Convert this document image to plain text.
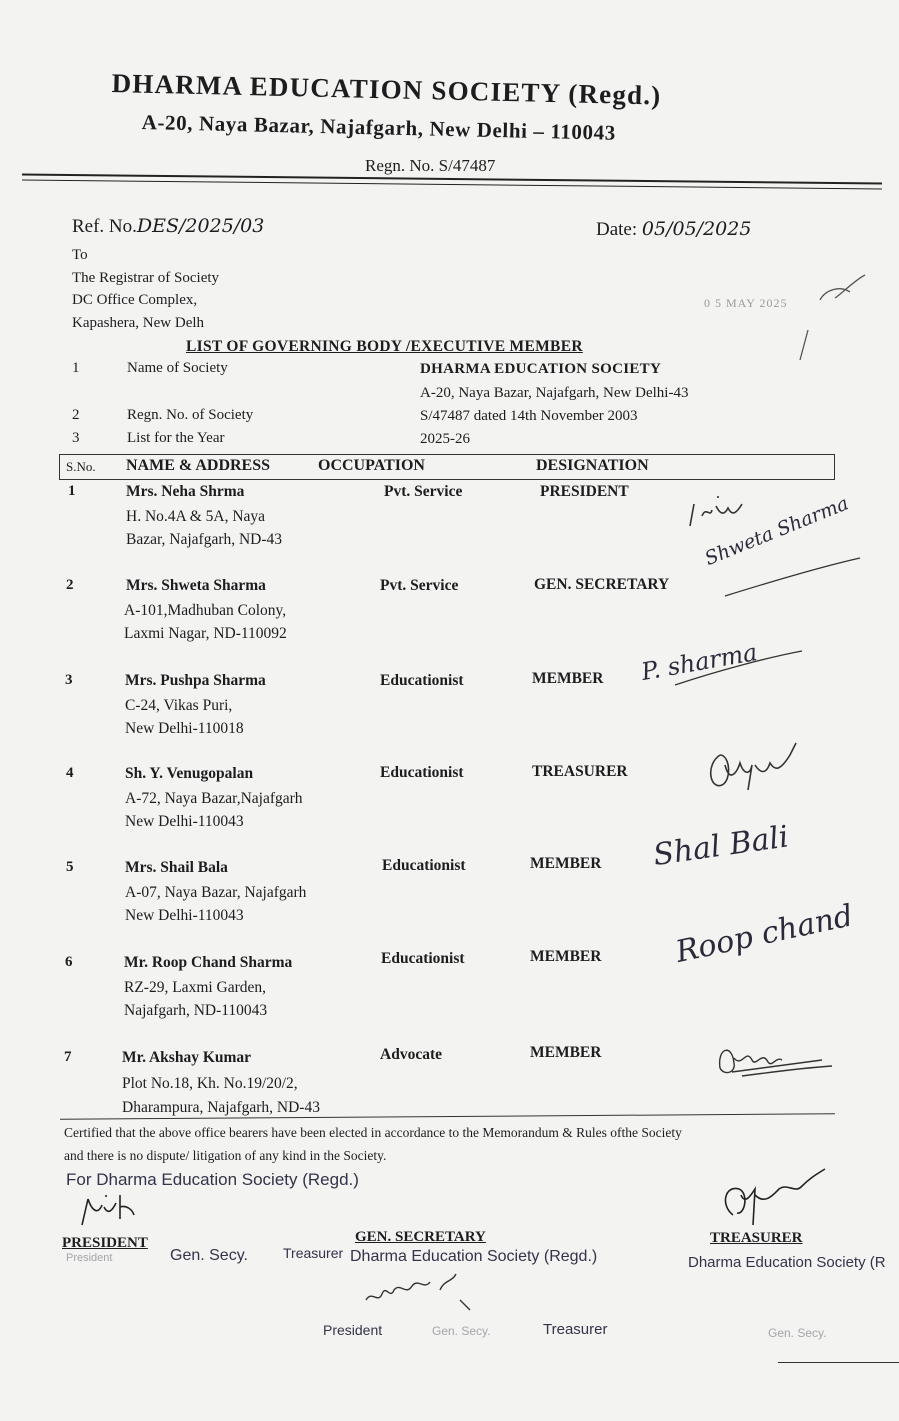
DHARMA EDUCATION SOCIETY (Regd.)
A-20, Naya Bazar, Najafgarh, New Delhi – 110043
Regn. No. S/47487
Ref. No.DES/2025/03	Date: 05/05/2025
To
The Registrar of Society
DC Office Complex,
Kapashera, New Delh
0 5 MAY 2025
LIST OF GOVERNING BODY /EXECUTIVE MEMBER
1	Name of Society	DHARMA EDUCATION SOCIETY
A-20, Naya Bazar, Najafgarh, New Delhi-43
2	Regn. No. of Society	S/47487 dated 14th November 2003
3	List for the Year	2025-26
S.No. NAME & ADDRESS	OCCUPATION	DESIGNATION
1	Mrs. Neha Shrma
H. No.4A & 5A, Naya
Bazar, Najafgarh, ND-43
Pvt. Service	PRESIDENT
2	Mrs. Shweta Sharma
A-101,Madhuban Colony,
Laxmi Nagar, ND-110092
Pvt. Service	GEN. SECRETARY
Shweta Sharma
3	Mrs. Pushpa Sharma
C-24, Vikas Puri,
New Delhi-110018
Educationist	MEMBER P. sharma
4	Sh. Y. Venugopalan
A-72, Naya Bazar,Najafgarh
New Delhi-110043
Educationist	TREASURER
5	Mrs. Shail Bala
A-07, Naya Bazar, Najafgarh
New Delhi-110043
Educationist	MEMBER Shal Bali
6	Mr. Roop Chand Sharma
RZ-29, Laxmi Garden,
Najafgarh, ND-110043
Educationist	MEMBER Roop chand
7	Mr. Akshay Kumar
Plot No.18, Kh. No.19/20/2,
Dharampura, Najafgarh, ND-43
Advocate	MEMBER
Certified that the above office bearers have been elected in accordance to the Memorandum & Rules ofthe Society
and there is no dispute/ litigation of any kind in the Society.
For Dharma Education Society (Regd.)
PRESIDENT
President	Gen. Secy.	Treasurer
GEN. SECRETARY
Dharma Education Society (Regd.)
TREASURER
Dharma Education Society (R
President	Gen. Secy.	Treasurer	Gen. Secy.
